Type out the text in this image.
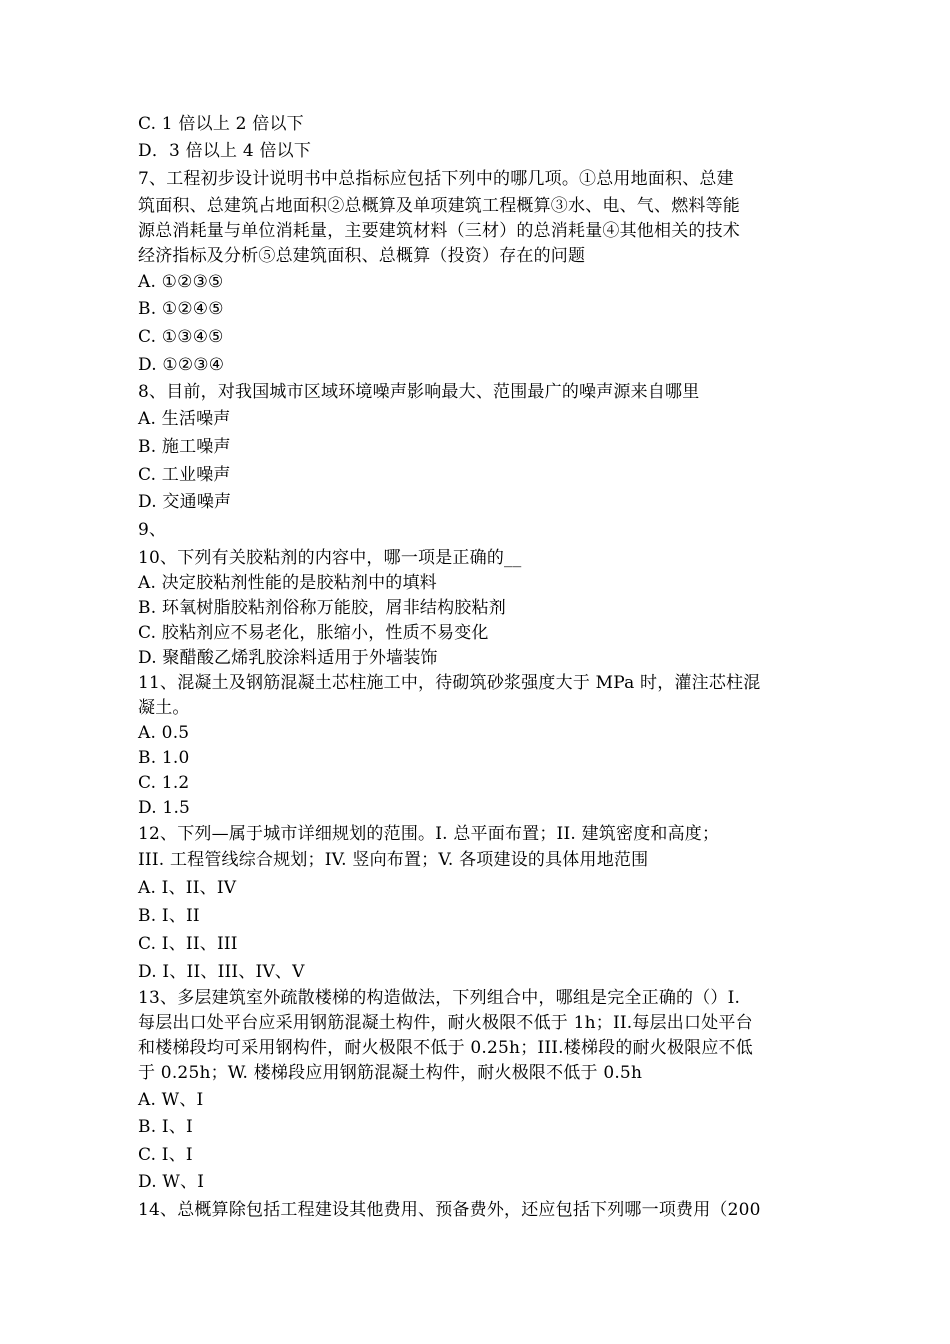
C. 1 倍以上 2 倍以下
D．3 倍以上 4 倍以下
7、工程初步设计说明书中总指标应包括下列中的哪几项。①总用地面积、总建
筑面积、总建筑占地面积②总概算及单项建筑工程概算③水、电、气、燃料等能
源总消耗量与单位消耗量，主要建筑材料（三材）的总消耗量④其他相关的技术
经济指标及分析⑤总建筑面积、总概算（投资）存在的问题
A. ①②③⑤
B. ①②④⑤
C. ①③④⑤
D. ①②③④
8、目前，对我国城市区域环境噪声影响最大、范围最广的噪声源来自哪里
A. 生活噪声
B. 施工噪声
C. 工业噪声
D. 交通噪声
9、
10、下列有关胶粘剂的内容中，哪一项是正确的__
A. 决定胶粘剂性能的是胶粘剂中的填料
B. 环氧树脂胶粘剂俗称万能胶，屑非结构胶粘剂
C. 胶粘剂应不易老化，胀缩小，性质不易变化
D. 聚醋酸乙烯乳胶涂料适用于外墙装饰
11、混凝土及钢筋混凝土芯柱施工中，待砌筑砂浆强度大于 MPa 时，灌注芯柱混
凝土。
A. 0.5
B. 1.0
C. 1.2
D. 1.5
12、下列—属于城市详细规划的范围。I. 总平面布置；II. 建筑密度和高度；
III. 工程管线综合规划；IV. 竖向布置；V. 各项建设的具体用地范围
A. I、II、IV
B. I、II
C. I、II、III
D. I、II、III、IV、V
13、多层建筑室外疏散楼梯的构造做法，下列组合中，哪组是完全正确的（）Ⅰ.
每层出口处平台应采用钢筋混凝土构件，耐火极限不低于 1h；II.每层出口处平台
和楼梯段均可采用钢构件，耐火极限不低于 0.25h；III.楼梯段的耐火极限应不低
于 0.25h；W. 楼梯段应用钢筋混凝土构件，耐火极限不低于 0.5h
A. W、I
B. Ⅰ、Ⅰ
C. Ⅰ、Ⅰ
D. W、Ⅰ
14、总概算除包括工程建设其他费用、预备费外，还应包括下列哪一项费用（200
